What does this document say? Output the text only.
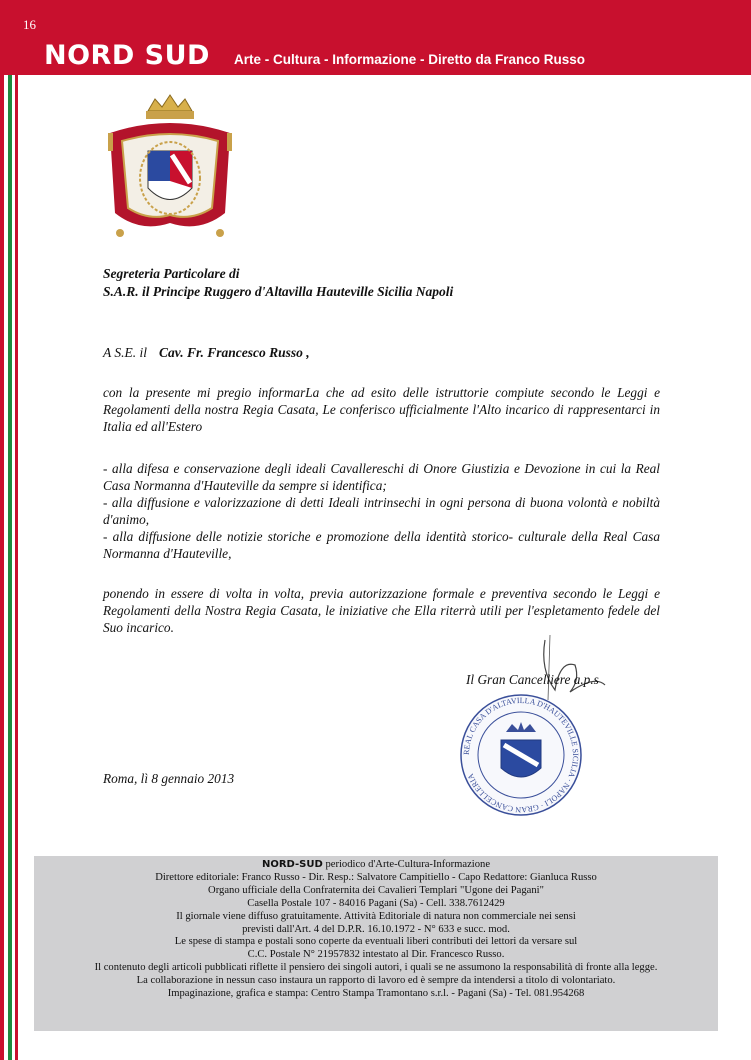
16
NORD SUD Arte - Cultura - Informazione - Diretto da Franco Russo
Segreteria Particolare di
S.A.R. il Principe Ruggero d'Altavilla Hauteville Sicilia Napoli
A S.E. il Cav. Fr. Francesco Russo ,
con la presente mi pregio informarLa che ad esito delle istruttorie compiute secondo le Leggi e Regolamenti della nostra Regia Casata, Le conferisco ufficialmente l'Alto incarico di rappresentarci in Italia ed all'Estero
- alla difesa e conservazione degli ideali Cavallereschi di Onore Giustizia e Devozione in cui la Real Casa Normanna d'Hauteville da sempre si identifica;
- alla diffusione e valorizzazione di detti Ideali intrinsechi in ogni persona di buona volontà e nobiltà d'animo,
- alla diffusione delle notizie storiche e promozione della identità storico- culturale della Real Casa Normanna d'Hauteville,
ponendo in essere di volta in volta, previa autorizzazione formale e preventiva secondo le Leggi e Regolamenti della Nostra Regia Casata, le iniziative che Ella riterrà utili per l'espletamento fedele del Suo incarico.
Il Gran Cancelliere a.p.s
REAL CASA D'ALTAVILLA D'HAUTEVILLE SICILIA · NAPOLI · GRAN CANCELLERIA
Roma, lì 8 gennaio 2013
NORD-SUD periodico d'Arte-Cultura-Informazione
Direttore editoriale: Franco Russo - Dir. Resp.: Salvatore Campitiello - Capo Redattore: Gianluca Russo
Organo ufficiale della Confraternita dei Cavalieri Templari "Ugone dei Pagani"
Casella Postale 107 - 84016 Pagani (Sa) - Cell. 338.7612429
Il giornale viene diffuso gratuitamente. Attività Editoriale di natura non commerciale nei sensi
previsti dall'Art. 4 del D.P.R. 16.10.1972 - N° 633 e succ. mod.
Le spese di stampa e postali sono coperte da eventuali liberi contributi dei lettori da versare sul
C.C. Postale N° 21957832 intestato al Dir. Francesco Russo.
Il contenuto degli articoli pubblicati riflette il pensiero dei singoli autori, i quali se ne assumono la responsabilità di fronte alla legge.
La collaborazione in nessun caso instaura un rapporto di lavoro ed è sempre da intendersi a titolo di volontariato.
Impaginazione, grafica e stampa: Centro Stampa Tramontano s.r.l. - Pagani (Sa) - Tel. 081.954268
